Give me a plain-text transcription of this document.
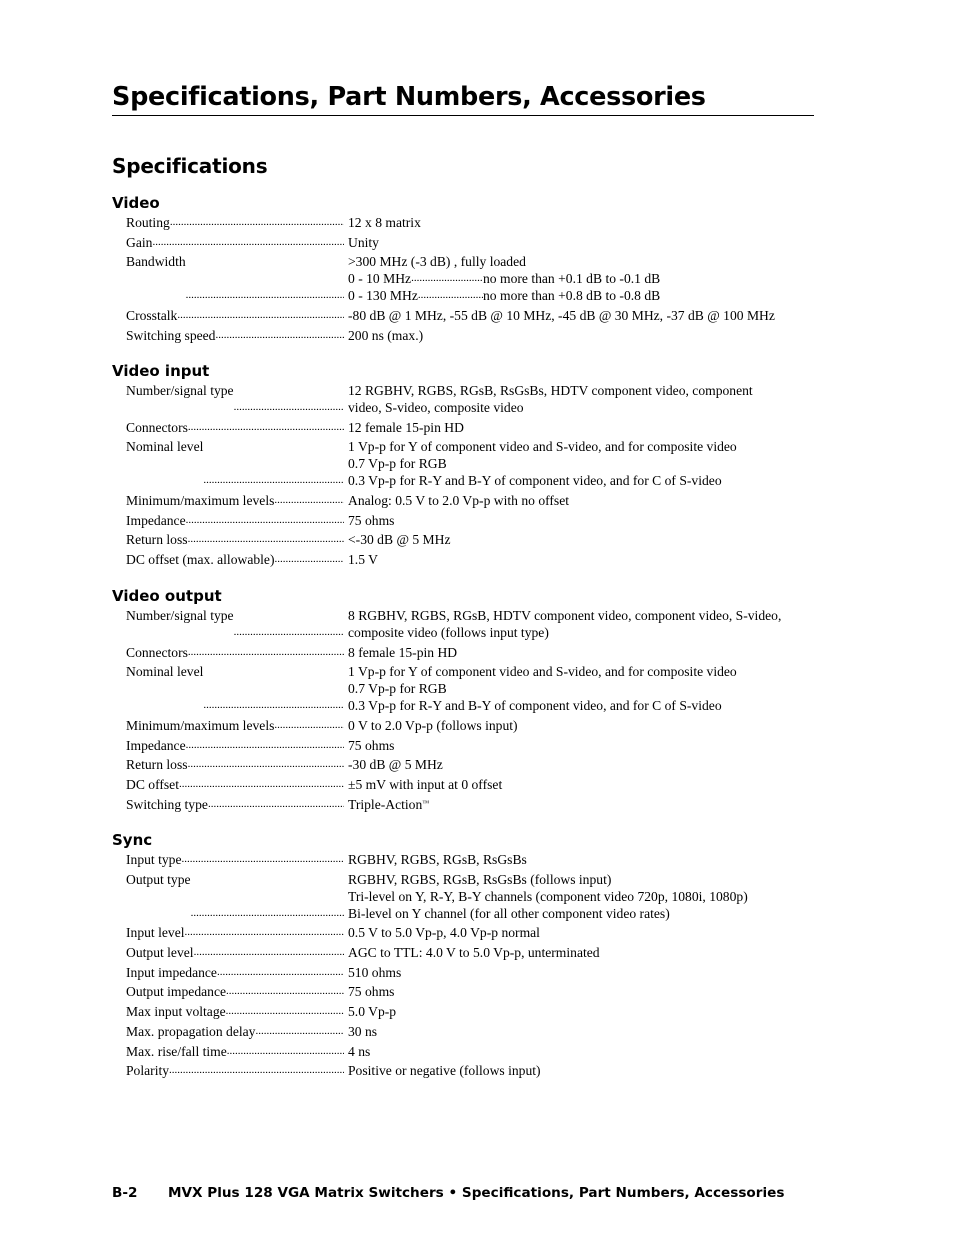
Specifications, Part Numbers, Accessories
Specifications
Video
Routing .....	12 x 8 matrix
Gain .....	Unity
Bandwidth .....	>300 MHz (-3 dB) , fully loaded
0 - 10 MHz .....	no more than +0.1 dB to -0.1 dB
0 - 130 MHz .....	no more than +0.8 dB to -0.8 dB
Crosstalk .....	-80 dB @ 1 MHz, -55 dB @ 10 MHz, -45 dB @ 30 MHz, -37 dB @ 100 MHz
Switching speed .....	200 ns (max.)
Video input
Number/signal type .....	12 RGBHV, RGBS, RGsB, RsGsBs, HDTV component video, component
video, S-video, composite video
Connectors .....	12 female 15-pin HD
Nominal level .....	1 Vp-p for Y of component video and S-video, and for composite video
0.7 Vp-p for RGB
0.3 Vp-p for R-Y and B-Y of component video, and for C of S-video
Minimum/maximum levels .....	Analog: 0.5 V to 2.0 Vp-p with no offset
Impedance .....	75 ohms
Return loss .....	<-30 dB @ 5 MHz
DC offset (max. allowable) .....	1.5 V
Video output
Number/signal type .....	8 RGBHV, RGBS, RGsB, HDTV component video, component video, S-video,
composite video (follows input type)
Connectors .....	8 female 15-pin HD
Nominal level .....	1 Vp-p for Y of component video and S-video, and for composite video
0.7 Vp-p for RGB
0.3 Vp-p for R-Y and B-Y of component video, and for C of S-video
Minimum/maximum levels .....	0 V to 2.0 Vp-p (follows input)
Impedance .....	75 ohms
Return loss .....	-30 dB @ 5 MHz
DC offset .....	±5 mV with input at 0 offset
Switching type .....	Triple-Action™
Sync
Input type .....	RGBHV, RGBS, RGsB, RsGsBs
Output type .....	RGBHV, RGBS, RGsB, RsGsBs (follows input)
Tri-level on Y, R-Y, B-Y channels (component video 720p, 1080i, 1080p)
Bi-level on Y channel (for all other component video rates)
Input level .....	0.5 V to 5.0 Vp-p, 4.0 Vp-p normal
Output level .....	AGC to TTL: 4.0 V to 5.0 Vp-p, unterminated
Input impedance .....	510 ohms
Output impedance .....	75 ohms
Max input voltage .....	5.0 Vp-p
Max. propagation delay .....	30 ns
Max. rise/fall time .....	4 ns
Polarity .....	Positive or negative (follows input)
B-2 MVX Plus 128 VGA Matrix Switchers • Specifications, Part Numbers, Accessories
